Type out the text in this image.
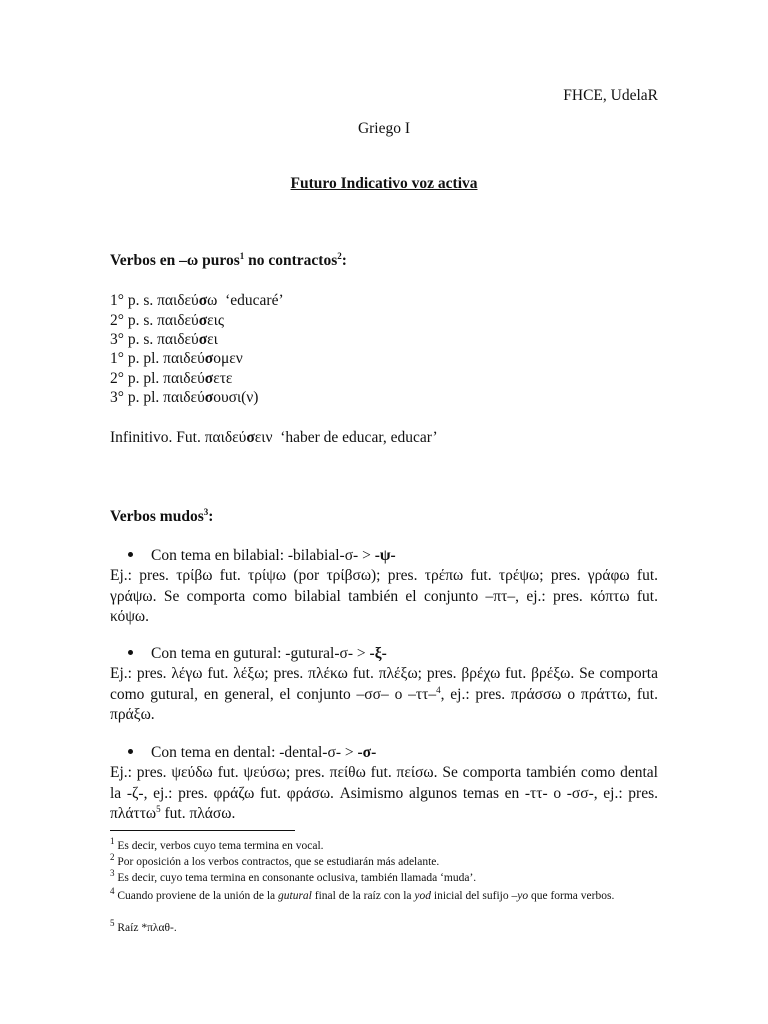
FHCE, UdelaR
Griego I
Futuro Indicativo voz activa
Verbos en –ω puros$^1$ no contractos$^2$:
1° p. s. παιδεύσω  ‘educaré’
2° p. s. παιδεύσεις
3° p. s. παιδεύσει
1° p. pl. παιδεύσομεν
2° p. pl. παιδεύσετε
3° p. pl. παιδεύσουσι(ν)
Infinitivo. Fut. παιδεύσειν  ‘haber de educar, educar’
Verbos mudos$^3$:
Con tema en bilabial: -bilabial-σ- > -ψ-
Ej.: pres. τρίβω fut. τρίψω (por τρίβσω); pres. τρέπω fut. τρέψω; pres. γράφω fut. γράψω. Se comporta como bilabial también el conjunto –πτ–, ej.: pres. κόπτω fut. κόψω.
Con tema en gutural: -gutural-σ- > -ξ-
Ej.: pres. λέγω fut. λέξω; pres. πλέκω fut. πλέξω; pres. βρέχω fut. βρέξω. Se comporta como gutural, en general, el conjunto –σσ– o –ττ–$^4$, ej.: pres. πράσσω o πράττω, fut. πράξω.
Con tema en dental: -dental-σ- > -σ-
Ej.: pres. ψεύδω fut. ψεύσω; pres. πείθω fut. πείσω. Se comporta también como dental la -ζ-, ej.: pres. φράζω fut. φράσω. Asimismo algunos temas en -ττ- o -σσ-, ej.: pres. πλάττω$^5$ fut. πλάσω.
$^1$ Es decir, verbos cuyo tema termina en vocal.
$^2$ Por oposición a los verbos contractos, que se estudiarán más adelante.
$^3$ Es decir, cuyo tema termina en consonante oclusiva, también llamada ‘muda’.
$^4$ Cuando proviene de la unión de la gutural final de la raíz con la yod inicial del sufijo –yo que forma verbos.
$^5$ Raíz *πλαθ-.
